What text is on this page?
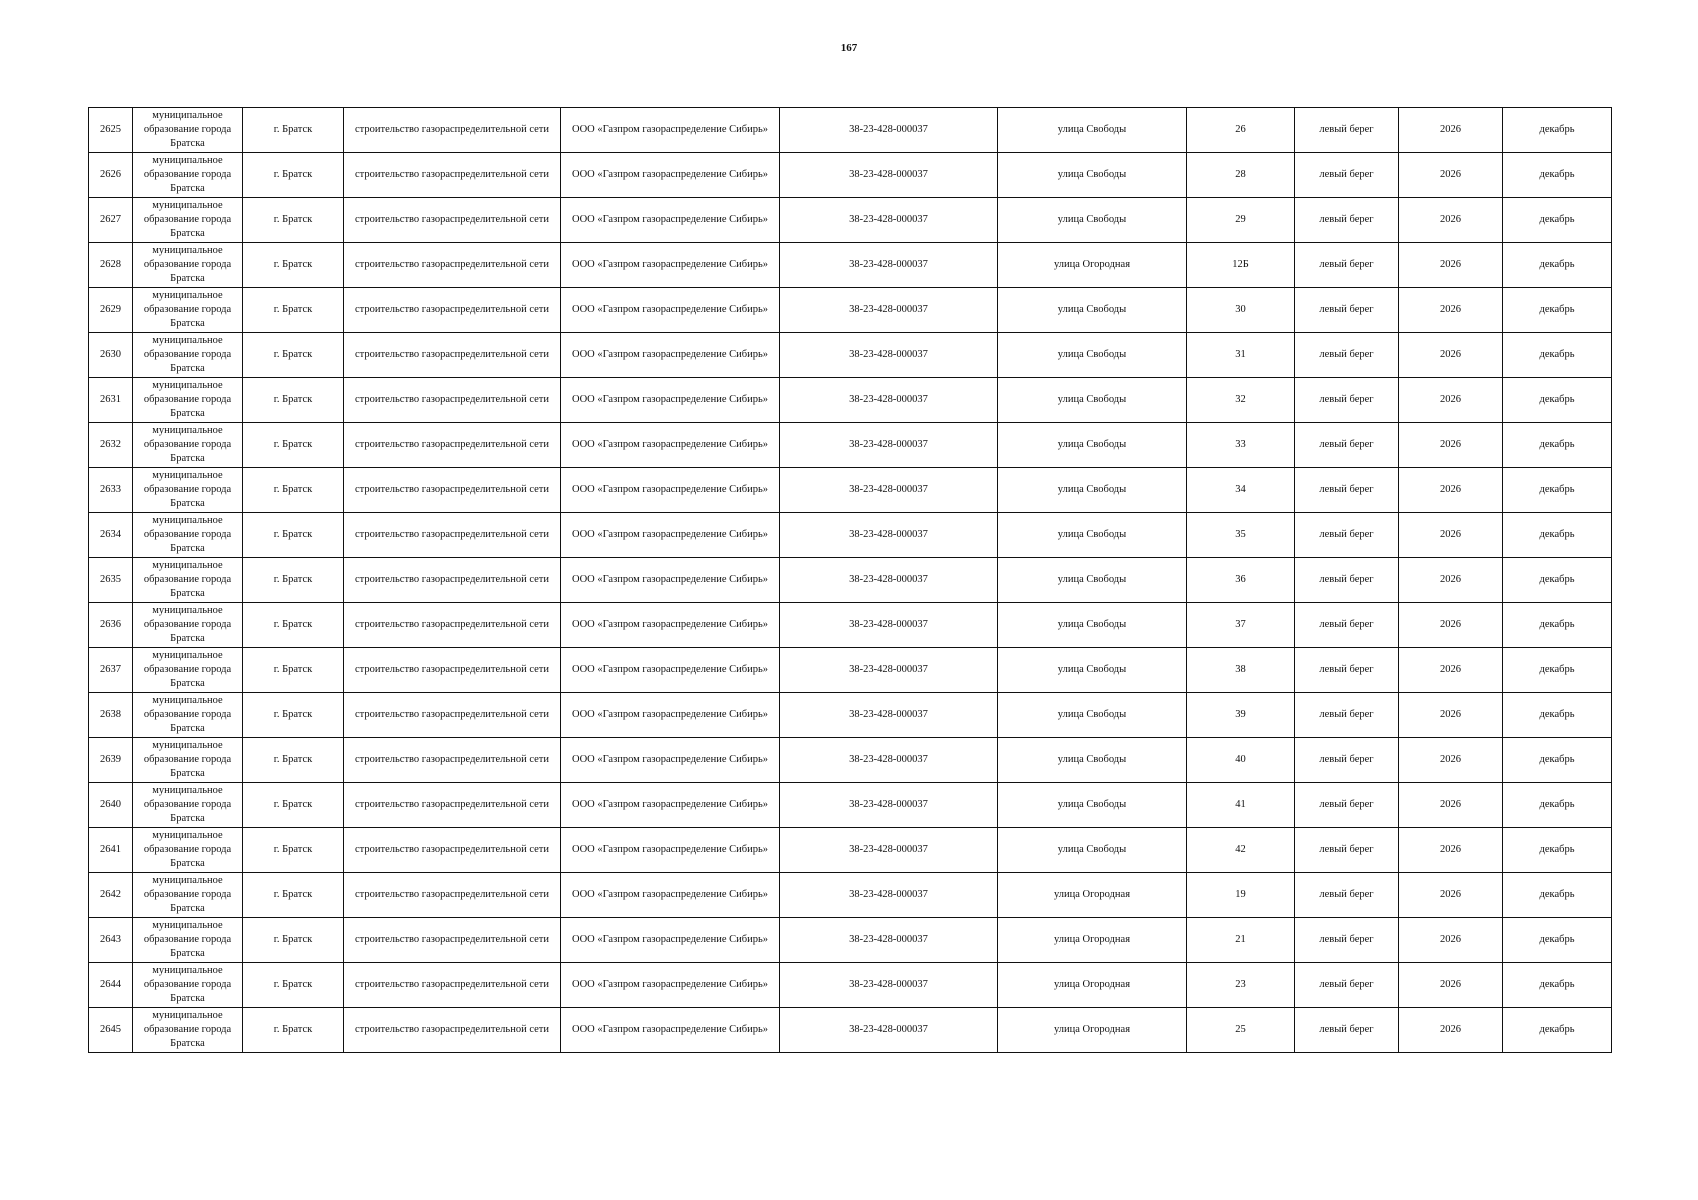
167
2625	муниципальное образование города Братска	г. Братск	строительство газораспределительной сети	ООО «Газпром газораспределение Сибирь»	38-23-428-000037	улица Свободы	26	левый берег	2026	декабрь
2626	муниципальное образование города Братска	г. Братск	строительство газораспределительной сети	ООО «Газпром газораспределение Сибирь»	38-23-428-000037	улица Свободы	28	левый берег	2026	декабрь
2627	муниципальное образование города Братска	г. Братск	строительство газораспределительной сети	ООО «Газпром газораспределение Сибирь»	38-23-428-000037	улица Свободы	29	левый берег	2026	декабрь
2628	муниципальное образование города Братска	г. Братск	строительство газораспределительной сети	ООО «Газпром газораспределение Сибирь»	38-23-428-000037	улица Огородная	12Б	левый берег	2026	декабрь
2629	муниципальное образование города Братска	г. Братск	строительство газораспределительной сети	ООО «Газпром газораспределение Сибирь»	38-23-428-000037	улица Свободы	30	левый берег	2026	декабрь
2630	муниципальное образование города Братска	г. Братск	строительство газораспределительной сети	ООО «Газпром газораспределение Сибирь»	38-23-428-000037	улица Свободы	31	левый берег	2026	декабрь
2631	муниципальное образование города Братска	г. Братск	строительство газораспределительной сети	ООО «Газпром газораспределение Сибирь»	38-23-428-000037	улица Свободы	32	левый берег	2026	декабрь
2632	муниципальное образование города Братска	г. Братск	строительство газораспределительной сети	ООО «Газпром газораспределение Сибирь»	38-23-428-000037	улица Свободы	33	левый берег	2026	декабрь
2633	муниципальное образование города Братска	г. Братск	строительство газораспределительной сети	ООО «Газпром газораспределение Сибирь»	38-23-428-000037	улица Свободы	34	левый берег	2026	декабрь
2634	муниципальное образование города Братска	г. Братск	строительство газораспределительной сети	ООО «Газпром газораспределение Сибирь»	38-23-428-000037	улица Свободы	35	левый берег	2026	декабрь
2635	муниципальное образование города Братска	г. Братск	строительство газораспределительной сети	ООО «Газпром газораспределение Сибирь»	38-23-428-000037	улица Свободы	36	левый берег	2026	декабрь
2636	муниципальное образование города Братска	г. Братск	строительство газораспределительной сети	ООО «Газпром газораспределение Сибирь»	38-23-428-000037	улица Свободы	37	левый берег	2026	декабрь
2637	муниципальное образование города Братска	г. Братск	строительство газораспределительной сети	ООО «Газпром газораспределение Сибирь»	38-23-428-000037	улица Свободы	38	левый берег	2026	декабрь
2638	муниципальное образование города Братска	г. Братск	строительство газораспределительной сети	ООО «Газпром газораспределение Сибирь»	38-23-428-000037	улица Свободы	39	левый берег	2026	декабрь
2639	муниципальное образование города Братска	г. Братск	строительство газораспределительной сети	ООО «Газпром газораспределение Сибирь»	38-23-428-000037	улица Свободы	40	левый берег	2026	декабрь
2640	муниципальное образование города Братска	г. Братск	строительство газораспределительной сети	ООО «Газпром газораспределение Сибирь»	38-23-428-000037	улица Свободы	41	левый берег	2026	декабрь
2641	муниципальное образование города Братска	г. Братск	строительство газораспределительной сети	ООО «Газпром газораспределение Сибирь»	38-23-428-000037	улица Свободы	42	левый берег	2026	декабрь
2642	муниципальное образование города Братска	г. Братск	строительство газораспределительной сети	ООО «Газпром газораспределение Сибирь»	38-23-428-000037	улица Огородная	19	левый берег	2026	декабрь
2643	муниципальное образование города Братска	г. Братск	строительство газораспределительной сети	ООО «Газпром газораспределение Сибирь»	38-23-428-000037	улица Огородная	21	левый берег	2026	декабрь
2644	муниципальное образование города Братска	г. Братск	строительство газораспределительной сети	ООО «Газпром газораспределение Сибирь»	38-23-428-000037	улица Огородная	23	левый берег	2026	декабрь
2645	муниципальное образование города Братска	г. Братск	строительство газораспределительной сети	ООО «Газпром газораспределение Сибирь»	38-23-428-000037	улица Огородная	25	левый берег	2026	декабрь
